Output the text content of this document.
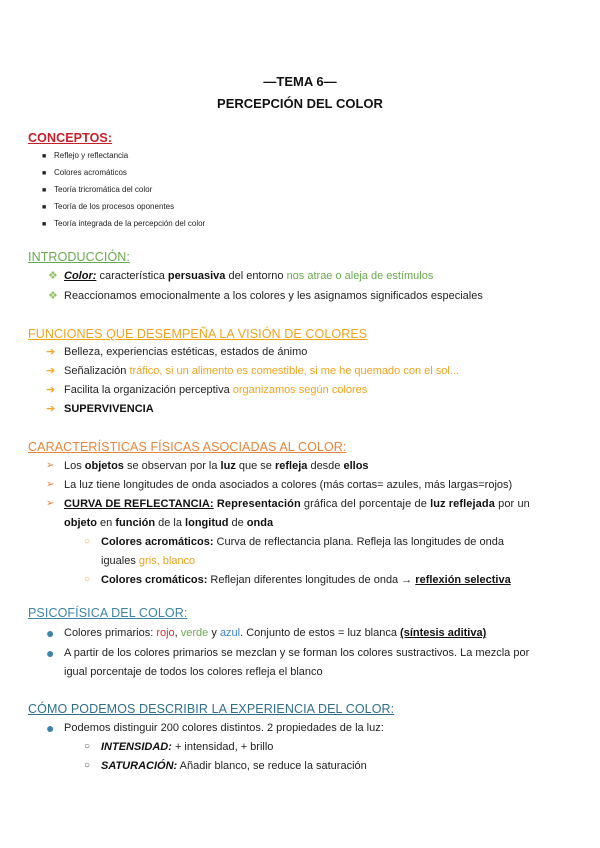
—TEMA 6—
PERCEPCIÓN DEL COLOR
CONCEPTOS:
■ Reflejo y reflectancia
■ Colores acromáticos
■ Teoría tricromática del color
■ Teoría de los procesos oponentes
■ Teoría integrada de la percepción del color
INTRODUCCIÓN:
❖ Color: característica persuasiva del entorno nos atrae o aleja de estímulos
❖ Reaccionamos emocionalmente a los colores y les asignamos significados especiales
FUNCIONES QUE DESEMPEÑA LA VISIÓN DE COLORES
➔ Belleza, experiencias estéticas, estados de ánimo
➔ Señalización tráfico, si un alimento es comestible, si me he quemado con el sol...
➔ Facilita la organización perceptiva organizamos según colores
➔ SUPERVIVENCIA
CARACTERÍSTICAS FÍSICAS ASOCIADAS AL COLOR:
➢ Los objetos se observan por la luz que se refleja desde ellos
➢ La luz tiene longitudes de onda asociados a colores (más cortas= azules, más largas=rojos)
➢ CURVA DE REFLECTANCIA: Representación gráfica del porcentaje de luz reflejada por un
objeto en función de la longitud de onda
○ Colores acromáticos: Curva de reflectancia plana. Refleja las longitudes de onda
iguales gris, blanco
○ Colores cromáticos: Reflejan diferentes longitudes de onda → reflexión selectiva
PSICOFÍSICA DEL COLOR:
● Colores primarios: rojo, verde y azul. Conjunto de estos = luz blanca (síntesis aditiva)
● A partir de los colores primarios se mezclan y se forman los colores sustractivos. La mezcla por
igual porcentaje de todos los colores refleja el blanco
CÓMO PODEMOS DESCRIBIR LA EXPERIENCIA DEL COLOR:
● Podemos distinguir 200 colores distintos. 2 propiedades de la luz:
○ INTENSIDAD: + intensidad, + brillo
○ SATURACIÓN: Añadir blanco, se reduce la saturación
